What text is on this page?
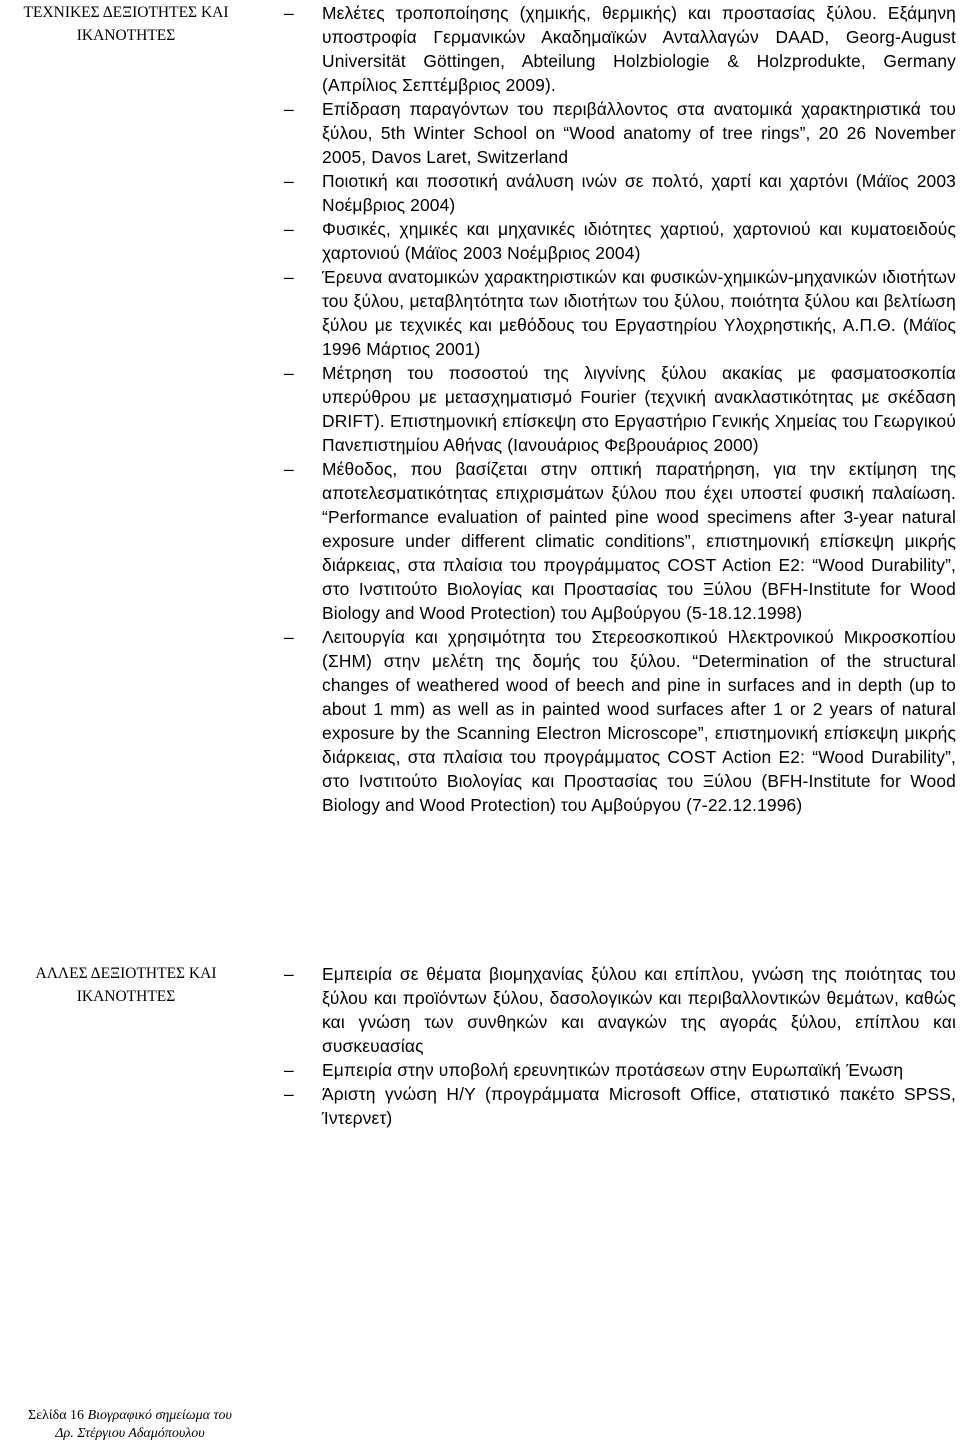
ΤΕΧΝΙΚΕΣ ΔΕΞΙΟΤΗΤΕΣ ΚΑΙ
ΙΚΑΝΟΤΗΤΕΣ
– Μελέτες τροποποίησης (χημικής, θερμικής) και προστασίας ξύλου. Εξάμηνη υποστροφία Γερμανικών Ακαδημαϊκών Ανταλλαγών DAAD, Georg-August Universität Göttingen, Abteilung Holzbiologie & Holzprodukte, Germany (Απρίλιος Σεπτέμβριος 2009).
– Επίδραση παραγόντων του περιβάλλοντος στα ανατομικά χαρακτηριστικά του ξύλου, 5th Winter School on “Wood anatomy of tree rings”, 20 26 November 2005, Davos Laret, Switzerland
– Ποιοτική και ποσοτική ανάλυση ινών σε πολτό, χαρτί και χαρτόνι (Μάϊος 2003 Νοέμβριος 2004)
– Φυσικές, χημικές και μηχανικές ιδιότητες χαρτιού, χαρτονιού και κυματοειδούς χαρτονιού (Μάϊος 2003 Νοέμβριος 2004)
– Έρευνα ανατομικών χαρακτηριστικών και φυσικών-χημικών-μηχανικών ιδιοτήτων του ξύλου, μεταβλητότητα των ιδιοτήτων του ξύλου, ποιότητα ξύλου και βελτίωση ξύλου με τεχνικές και μεθόδους του Εργαστηρίου Υλοχρηστικής, Α.Π.Θ. (Μάϊος 1996 Μάρτιος 2001)
– Μέτρηση του ποσοστού της λιγνίνης ξύλου ακακίας με φασματοσκοπία υπερύθρου με μετασχηματισμό Fourier (τεχνική ανακλαστικότητας με σκέδαση DRIFT). Επιστημονική επίσκεψη στο Εργαστήριο Γενικής Χημείας του Γεωργικού Πανεπιστημίου Αθήνας (Ιανουάριος Φεβρουάριος 2000)
– Μέθοδος, που βασίζεται στην οπτική παρατήρηση, για την εκτίμηση της αποτελεσματικότητας επιχρισμάτων ξύλου που έχει υποστεί φυσική παλαίωση. “Performance evaluation of painted pine wood specimens after 3-year natural exposure under different climatic conditions”, επιστημονική επίσκεψη μικρής διάρκειας, στα πλαίσια του προγράμματος COST Action E2: “Wood Durability”, στο Ινστιτούτο Βιολογίας και Προστασίας του Ξύλου (BFH-Institute for Wood Biology and Wood Protection) του Αμβούργου (5-18.12.1998)
– Λειτουργία και χρησιμότητα του Στερεοσκοπικού Ηλεκτρονικού Μικροσκοπίου (ΣΗΜ) στην μελέτη της δομής του ξύλου. “Determination of the structural changes of weathered wood of beech and pine in surfaces and in depth (up to about 1 mm) as well as in painted wood surfaces after 1 or 2 years of natural exposure by the Scanning Electron Microscope”, επιστημονική επίσκεψη μικρής διάρκειας, στα πλαίσια του προγράμματος COST Action E2: “Wood Durability”, στο Ινστιτούτο Βιολογίας και Προστασίας του Ξύλου (BFH-Institute for Wood Biology and Wood Protection) του Αμβούργου (7-22.12.1996)
ΑΛΛΕΣ ΔΕΞΙΟΤΗΤΕΣ ΚΑΙ
ΙΚΑΝΟΤΗΤΕΣ
– Εμπειρία σε θέματα βιομηχανίας ξύλου και επίπλου, γνώση της ποιότητας του ξύλου και προϊόντων ξύλου, δασολογικών και περιβαλλοντικών θεμάτων, καθώς και γνώση των συνθηκών και αναγκών της αγοράς ξύλου, επίπλου και συσκευασίας
– Εμπειρία στην υποβολή ερευνητικών προτάσεων στην Ευρωπαϊκή Ένωση
– Άριστη γνώση Η/Υ (προγράμματα Microsoft Office, στατιστικό πακέτο SPSS, Ίντερνετ)
Σελίδα 16 Βιογραφικό σημείωμα του
Δρ. Στέργιου Αδαμόπουλου
